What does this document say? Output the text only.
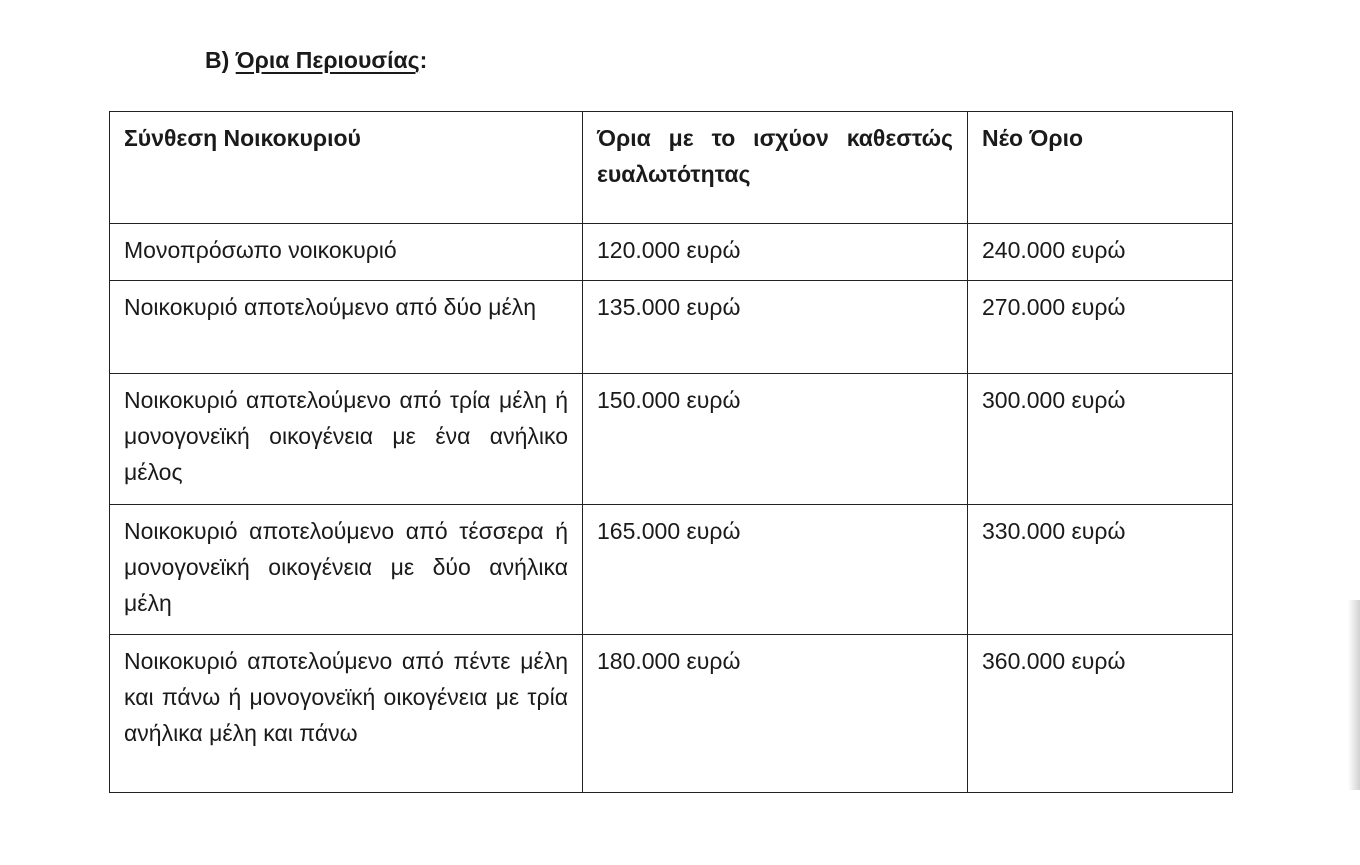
Β) Όρια Περιουσίας:
Σύνθεση Νοικοκυριού	Όρια με το ισχύον καθεστώς ευαλωτότητας	Νέο Όριο
Μονοπρόσωπο νοικοκυριό	120.000 ευρώ	240.000 ευρώ
Νοικοκυριό αποτελούμενο από δύο μέλη	135.000 ευρώ	270.000 ευρώ
Νοικοκυριό αποτελούμενο από τρία μέλη ή μονογονεϊκή οικογένεια με ένα ανήλικο μέλος	150.000 ευρώ	300.000 ευρώ
Νοικοκυριό αποτελούμενο από τέσσερα ή μονογονεϊκή οικογένεια με δύο ανήλικα μέλη	165.000 ευρώ	330.000 ευρώ
Νοικοκυριό αποτελούμενο από πέντε μέλη και πάνω ή μονογονεϊκή οικογένεια με τρία ανήλικα μέλη και πάνω	180.000 ευρώ	360.000 ευρώ
